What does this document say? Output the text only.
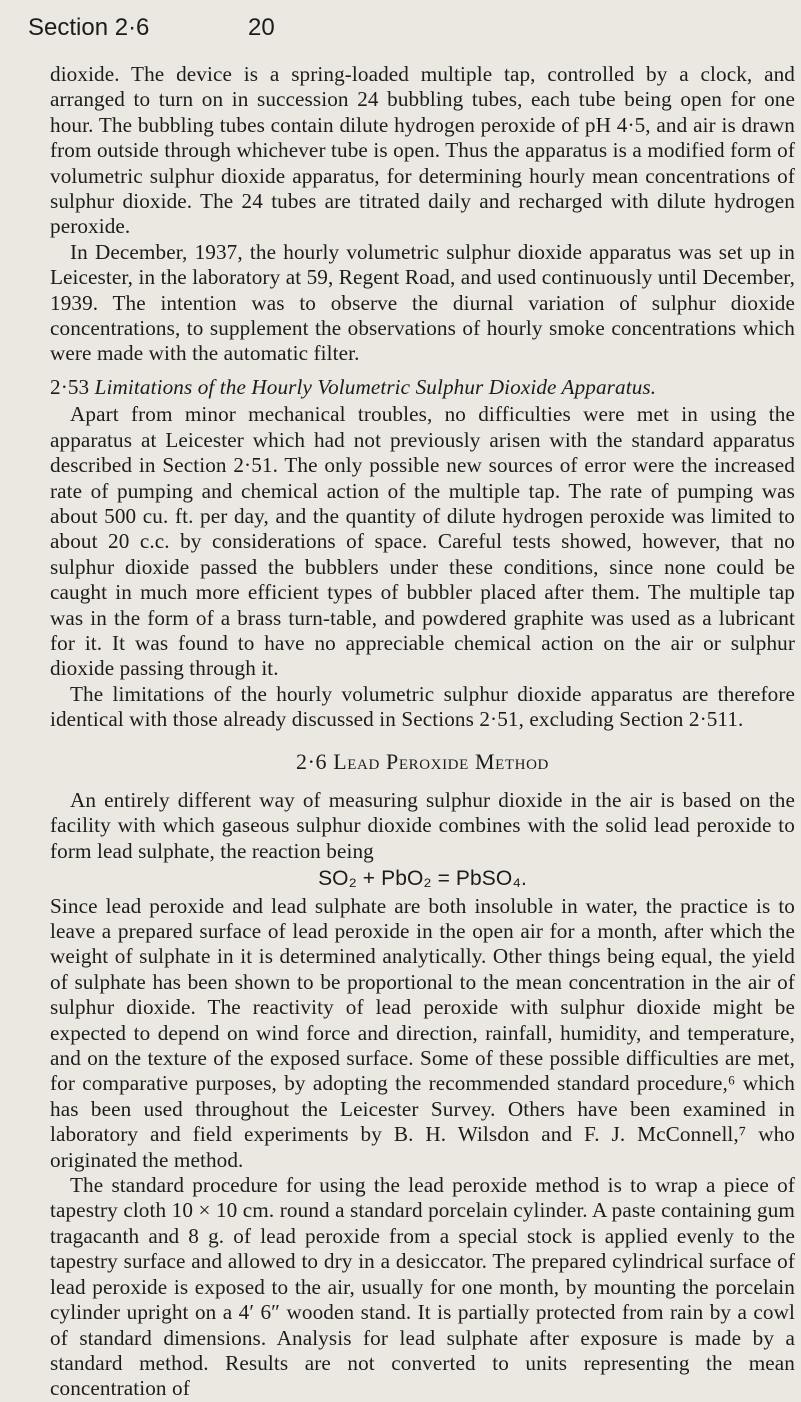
Section 2·6	20

dioxide. The device is a spring-loaded multiple tap, controlled by a clock, and arranged to turn on in succession 24 bubbling tubes, each tube being open for one hour. The bubbling tubes contain dilute hydrogen peroxide of pH 4·5, and air is drawn from outside through whichever tube is open. Thus the apparatus is a modified form of volumetric sulphur dioxide apparatus, for determining hourly mean concentrations of sulphur dioxide. The 24 tubes are titrated daily and recharged with dilute hydrogen peroxide.

In December, 1937, the hourly volumetric sulphur dioxide apparatus was set up in Leicester, in the laboratory at 59, Regent Road, and used continuously until December, 1939. The intention was to observe the diurnal variation of sulphur dioxide concentrations, to supplement the observations of hourly smoke concentrations which were made with the automatic filter.

2·53 Limitations of the Hourly Volumetric Sulphur Dioxide Apparatus.

Apart from minor mechanical troubles, no difficulties were met in using the apparatus at Leicester which had not previously arisen with the standard apparatus described in Section 2·51. The only possible new sources of error were the increased rate of pumping and chemical action of the multiple tap. The rate of pumping was about 500 cu. ft. per day, and the quantity of dilute hydrogen peroxide was limited to about 20 c.c. by considerations of space. Careful tests showed, however, that no sulphur dioxide passed the bubblers under these conditions, since none could be caught in much more efficient types of bubbler placed after them. The multiple tap was in the form of a brass turn-table, and powdered graphite was used as a lubricant for it. It was found to have no appreciable chemical action on the air or sulphur dioxide passing through it.

The limitations of the hourly volumetric sulphur dioxide apparatus are therefore identical with those already discussed in Sections 2·51, excluding Section 2·511.

2·6 Lead Peroxide Method

An entirely different way of measuring sulphur dioxide in the air is based on the facility with which gaseous sulphur dioxide combines with the solid lead peroxide to form lead sulphate, the reaction being

SO₂ + PbO₂ = PbSO₄.

Since lead peroxide and lead sulphate are both insoluble in water, the practice is to leave a prepared surface of lead peroxide in the open air for a month, after which the weight of sulphate in it is determined analytically. Other things being equal, the yield of sulphate has been shown to be proportional to the mean concentration in the air of sulphur dioxide. The reactivity of lead peroxide with sulphur dioxide might be expected to depend on wind force and direction, rainfall, humidity, and temperature, and on the texture of the exposed surface. Some of these possible difficulties are met, for comparative purposes, by adopting the recommended standard procedure,⁶ which has been used throughout the Leicester Survey. Others have been examined in laboratory and field experiments by B. H. Wilsdon and F. J. McConnell,⁷ who originated the method.

The standard procedure for using the lead peroxide method is to wrap a piece of tapestry cloth 10 × 10 cm. round a standard porcelain cylinder. A paste containing gum tragacanth and 8 g. of lead peroxide from a special stock is applied evenly to the tapestry surface and allowed to dry in a desiccator. The prepared cylindrical surface of lead peroxide is exposed to the air, usually for one month, by mounting the porcelain cylinder upright on a 4′ 6″ wooden stand. It is partially protected from rain by a cowl of standard dimensions. Analysis for lead sulphate after exposure is made by a standard method. Results are not converted to units representing the mean concentration of
